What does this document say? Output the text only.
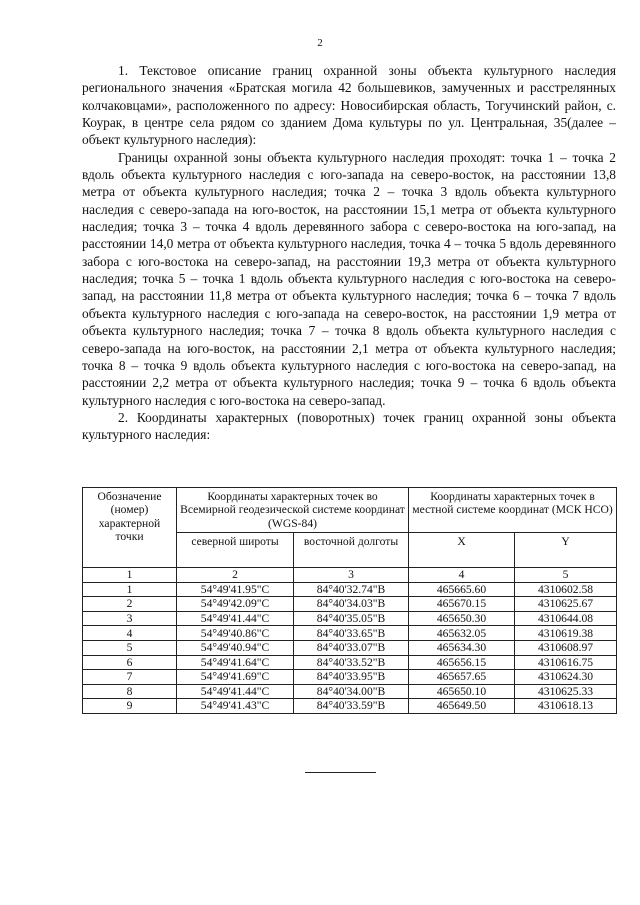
2

1. Текстовое описание границ охранной зоны объекта культурного наследия регионального значения «Братская могила 42 большевиков, замученных и расстрелянных колчаковцами», расположенного по адресу: Новосибирская область, Тогучинский район, с. Коурак, в центре села рядом со зданием Дома культуры по ул. Центральная, 35(далее – объект культурного наследия):

Границы охранной зоны объекта культурного наследия проходят: точка 1 – точка 2 вдоль объекта культурного наследия с юго-запада на северо-восток, на расстоянии 13,8 метра от объекта культурного наследия; точка 2 – точка 3 вдоль объекта культурного наследия с северо-запада на юго-восток, на расстоянии 15,1 метра от объекта культурного наследия; точка 3 – точка 4 вдоль деревянного забора с северо-востока на юго-запад, на расстоянии 14,0 метра от объекта культурного наследия, точка 4 – точка 5 вдоль деревянного забора с юго-востока на северо-запад, на расстоянии 19,3 метра от объекта культурного наследия; точка 5 – точка 1 вдоль объекта культурного наследия с юго-востока на северо-запад, на расстоянии 11,8 метра от объекта культурного наследия; точка 6 – точка 7 вдоль объекта культурного наследия с юго-запада на северо-восток, на расстоянии 1,9 метра от объекта культурного наследия; точка 7 – точка 8 вдоль объекта культурного наследия с северо-запада на юго-восток, на расстоянии 2,1 метра от объекта культурного наследия; точка 8 – точка 9 вдоль объекта культурного наследия с юго-востока на северо-запад, на расстоянии 2,2 метра от объекта культурного наследия; точка 9 – точка 6 вдоль объекта культурного наследия с юго-востока на северо-запад.

2. Координаты характерных (поворотных) точек границ охранной зоны объекта культурного наследия:

Обозначение (номер) характерной точки	Координаты характерных точек во Всемирной геодезической системе координат (WGS-84)		Координаты характерных точек в местной системе координат (МСК НСО)	
	северной широты	восточной долготы	X	Y
1	2	3	4	5
1	54°49'41.95"С	84°40'32.74"В	465665.60	4310602.58
2	54°49'42.09"С	84°40'34.03"В	465670.15	4310625.67
3	54°49'41.44"С	84°40'35.05"В	465650.30	4310644.08
4	54°49'40.86"С	84°40'33.65"В	465632.05	4310619.38
5	54°49'40.94"С	84°40'33.07"В	465634.30	4310608.97
6	54°49'41.64"С	84°40'33.52"В	465656.15	4310616.75
7	54°49'41.69"С	84°40'33.95"В	465657.65	4310624.30
8	54°49'41.44"С	84°40'34.00"В	465650.10	4310625.33
9	54°49'41.43"С	84°40'33.59"В	465649.50	4310618.13
